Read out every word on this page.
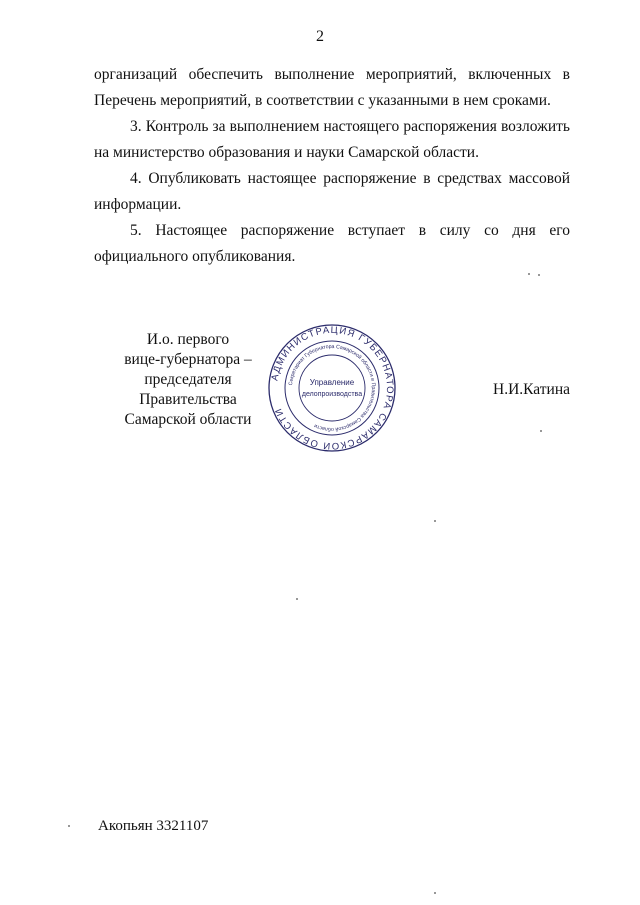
2
организаций обеспечить выполнение мероприятий, включенных в
Перечень мероприятий, в соответствии с указанными в нем сроками.
3. Контроль за выполнением настоящего распоряжения возложить
на министерство образования и науки Самарской области.
4. Опубликовать настоящее распоряжение в средствах массовой
информации.
5. Настоящее распоряжение вступает в силу со дня его
официального опубликования.
И.о. первого
вице-губернатора –
председателя Правительства
Самарской области
АДМИНИСТРАЦИЯ ГУБЕРНАТОРА САМАРСКОЙ ОБЛАСТИ
Секретариат Губернатора Самарской области и Правительства Самарской области
Управление
делопроизводства	Н.И.Катина
Акопьян 3321107
